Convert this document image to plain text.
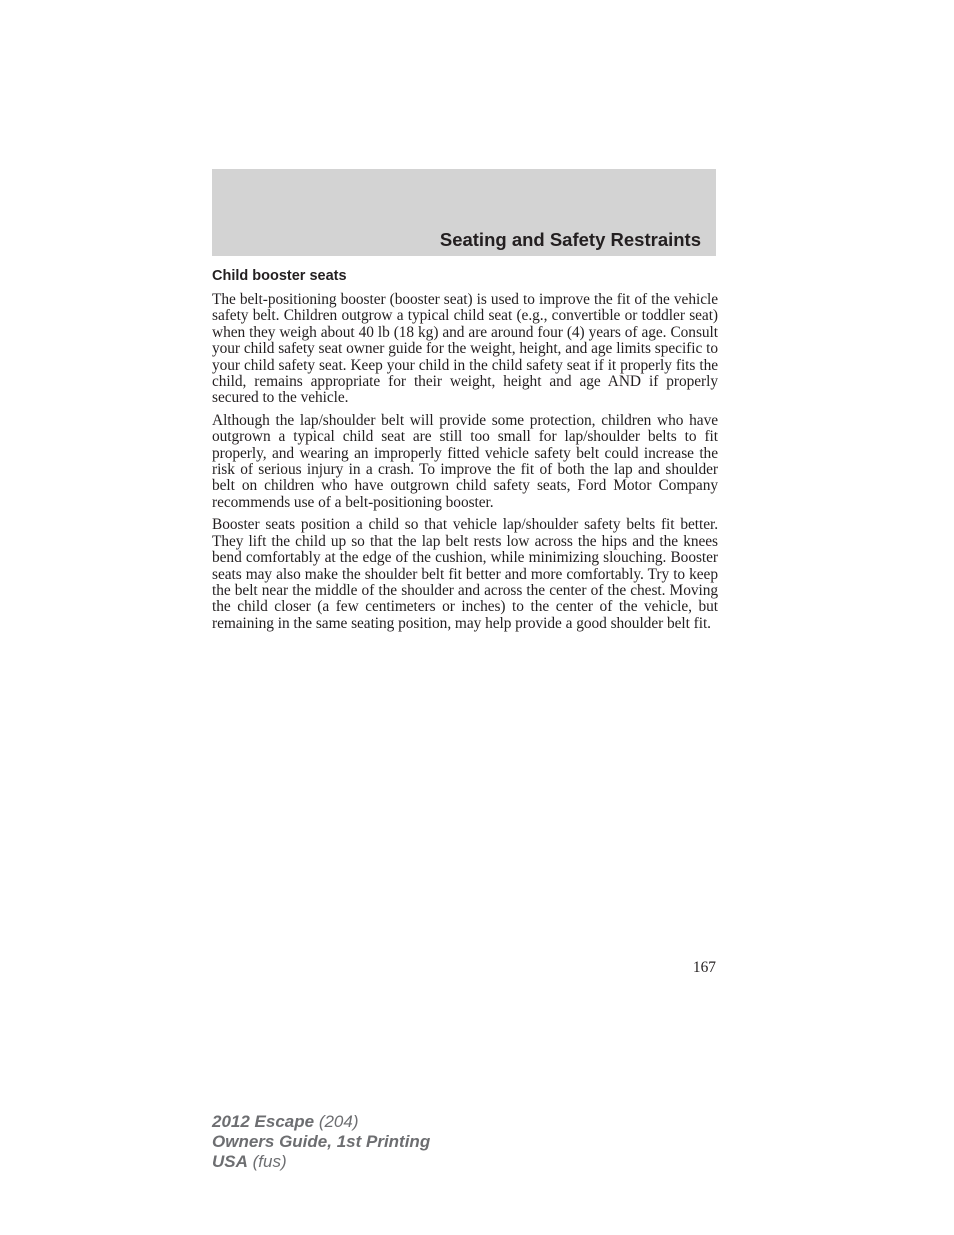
Seating and Safety Restraints
Child booster seats

The belt-positioning booster (booster seat) is used to improve the fit of the vehicle safety belt. Children outgrow a typical child seat (e.g., convertible or toddler seat) when they weigh about 40 lb (18 kg) and are around four (4) years of age. Consult your child safety seat owner guide for the weight, height, and age limits specific to your child safety seat. Keep your child in the child safety seat if it properly fits the child, remains appropriate for their weight, height and age AND if properly secured to the vehicle.

Although the lap/shoulder belt will provide some protection, children who have outgrown a typical child seat are still too small for lap/shoulder belts to fit properly, and wearing an improperly fitted vehicle safety belt could increase the risk of serious injury in a crash. To improve the fit of both the lap and shoulder belt on children who have outgrown child safety seats, Ford Motor Company recommends use of a belt-positioning booster.

Booster seats position a child so that vehicle lap/shoulder safety belts fit better. They lift the child up so that the lap belt rests low across the hips and the knees bend comfortably at the edge of the cushion, while minimizing slouching. Booster seats may also make the shoulder belt fit better and more comfortably. Try to keep the belt near the middle of the shoulder and across the center of the chest. Moving the child closer (a few centimeters or inches) to the center of the vehicle, but remaining in the same seating position, may help provide a good shoulder belt fit.

167
2012 Escape (204)
Owners Guide, 1st Printing
USA (fus)
